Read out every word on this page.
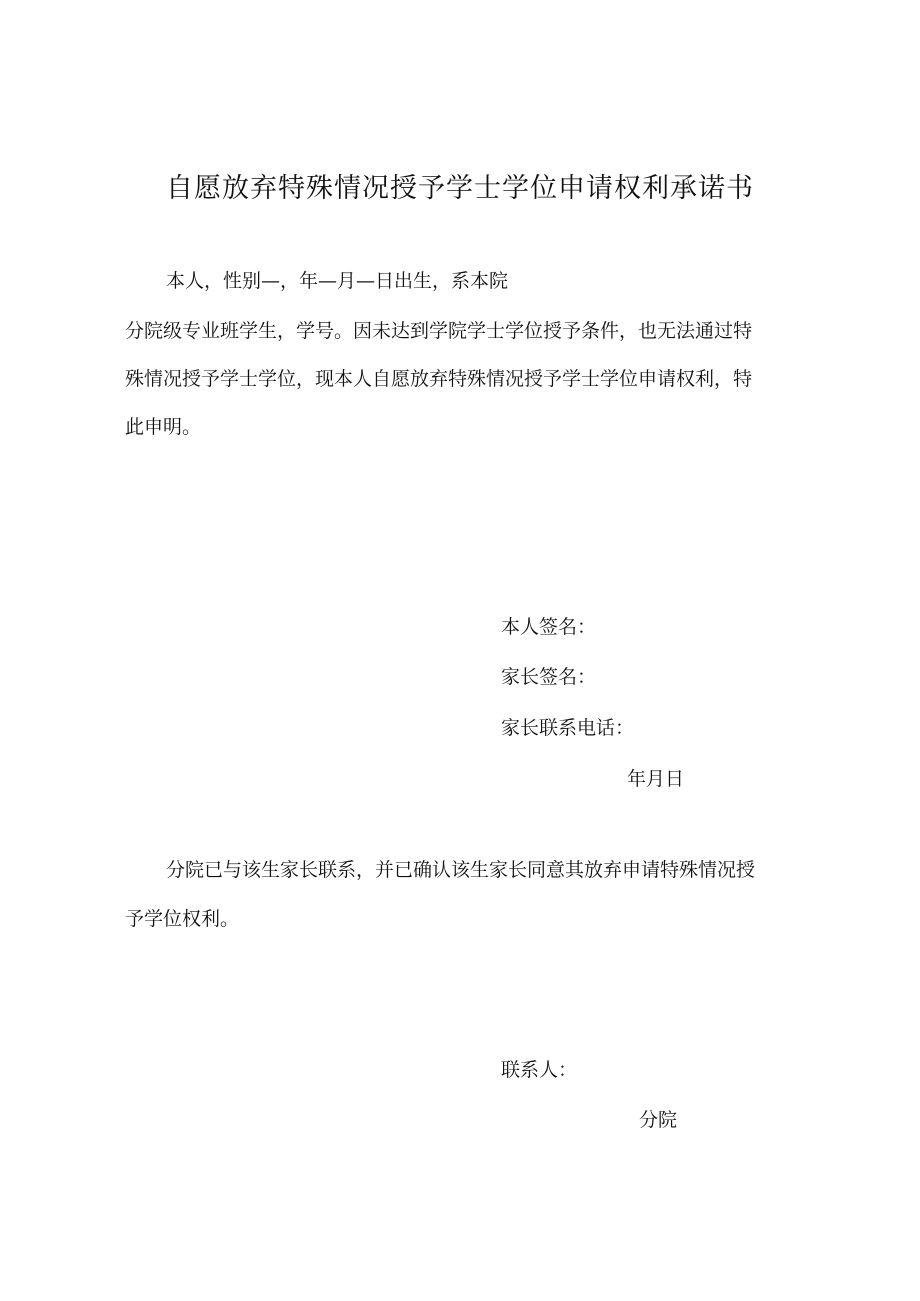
自愿放弃特殊情况授予学士学位申请权利承诺书
本人，性别—，年—月—日出生，系本院
分院级专业班学生，学号。因未达到学院学士学位授予条件，也无法通过特
殊情况授予学士学位，现本人自愿放弃特殊情况授予学士学位申请权利，特
此申明。
本人签名：
家长签名：
家长联系电话：
年月日
分院已与该生家长联系，并已确认该生家长同意其放弃申请特殊情况授
予学位权利。
联系人：
分院
